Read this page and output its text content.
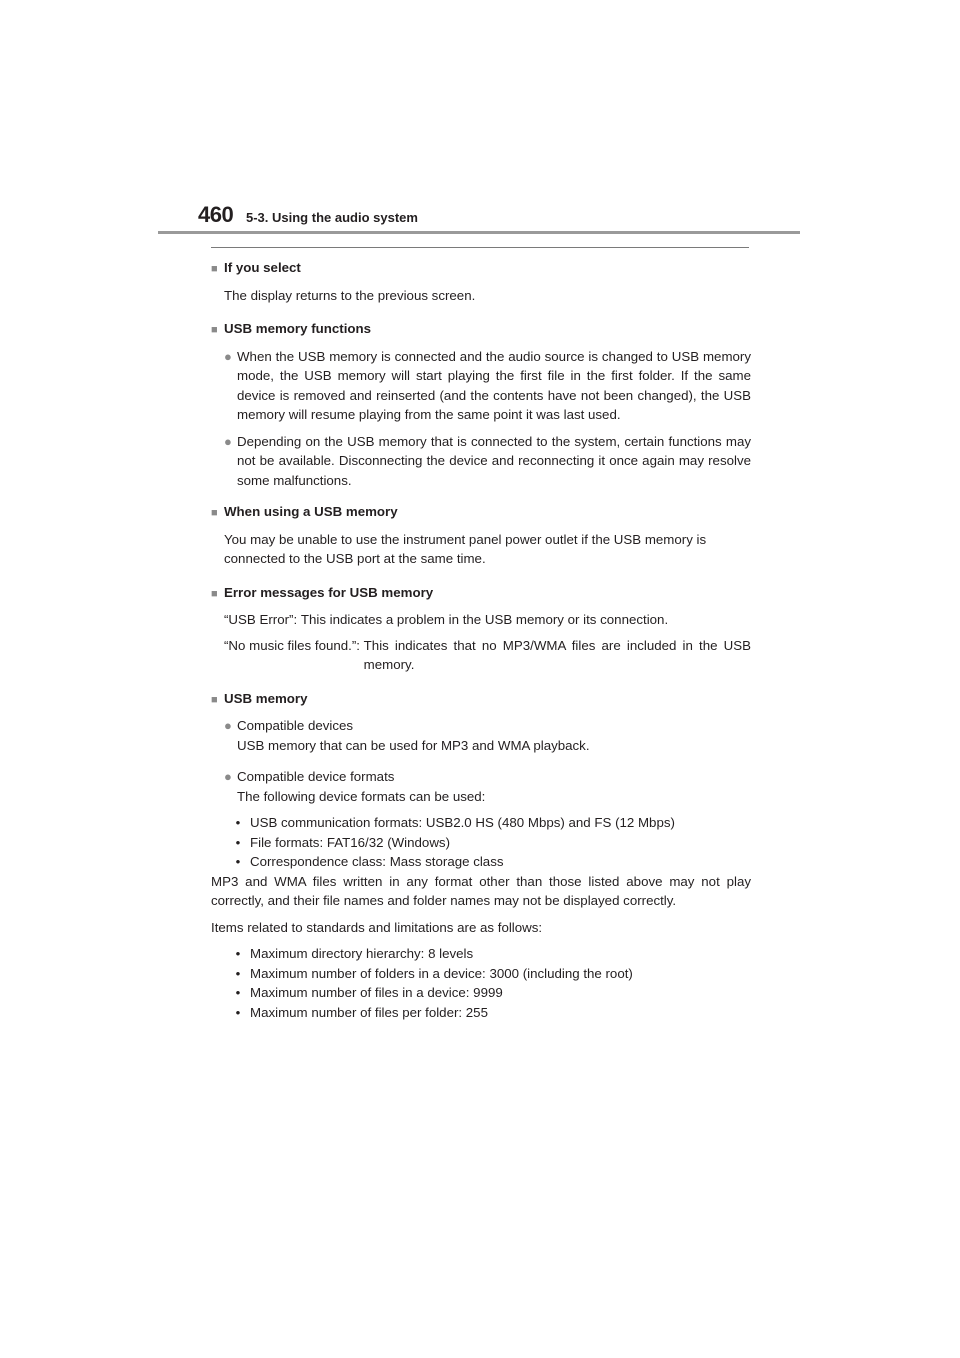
460 5-3. Using the audio system
■ If you select
The display returns to the previous screen.
■ USB memory functions
● When the USB memory is connected and the audio source is changed to USB memory mode, the USB memory will start playing the first file in the first folder. If the same device is removed and reinserted (and the contents have not been changed), the USB memory will resume playing from the same point it was last used.
● Depending on the USB memory that is connected to the system, certain functions may not be available. Disconnecting the device and reconnecting it once again may resolve some malfunctions.
■ When using a USB memory
You may be unable to use the instrument panel power outlet if the USB memory is connected to the USB port at the same time.
■ Error messages for USB memory
“USB Error”:
This indicates a problem in the USB memory or its connection.
“No music files found.”:
This indicates that no MP3/WMA files are included in the USB memory.
■ USB memory
● Compatible devices
USB memory that can be used for MP3 and WMA playback.
● Compatible device formats
The following device formats can be used:
• USB communication formats: USB2.0 HS (480 Mbps) and FS (12 Mbps)
• File formats: FAT16/32 (Windows)
• Correspondence class: Mass storage class
MP3 and WMA files written in any format other than those listed above may not play correctly, and their file names and folder names may not be displayed correctly.
Items related to standards and limitations are as follows:
• Maximum directory hierarchy: 8 levels
• Maximum number of folders in a device: 3000 (including the root)
• Maximum number of files in a device: 9999
• Maximum number of files per folder: 255
